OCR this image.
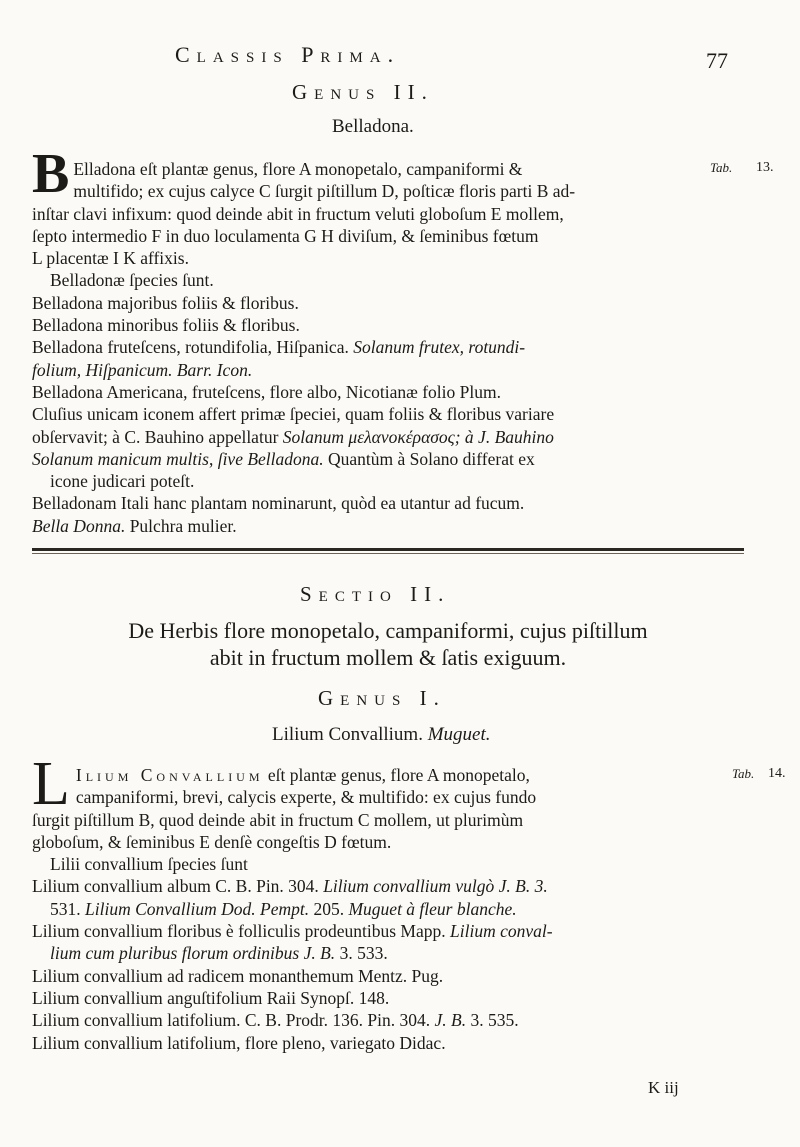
Classis Prima.	77
Genus II.
Belladona.
Tab. 13.
B Elladona eſt plantæ genus, flore A monopetalo, campaniformi &
multifido; ex cujus calyce C ſurgit piſtillum D, poſticæ floris parti B ad-
inſtar clavi infixum: quod deinde abit in fructum veluti globoſum E mollem,
ſepto intermedio F in duo loculamenta G H diviſum, & ſeminibus fœtum
L placentæ I K affixis.
Belladonæ ſpecies ſunt.
Belladona majoribus foliis & floribus.
Belladona minoribus foliis & floribus.
Belladona fruteſcens, rotundifolia, Hiſpanica. Solanum frutex, rotundi-
folium, Hiſpanicum. Barr. Icon.
Belladona Americana, fruteſcens, flore albo, Nicotianæ folio Plum.
Cluſius unicam iconem affert primæ ſpeciei, quam foliis & floribus variare
obſervavit; à C. Bauhino appellatur Solanum μελανοκέρασος; à J. Bauhino
Solanum manicum multis, ſive Belladona. Quantùm à Solano differat ex
icone judicari poteſt.
Belladonam Itali hanc plantam nominarunt, quòd ea utantur ad fucum.
Bella Donna. Pulchra mulier.
Sectio II.
De Herbis flore monopetalo, campaniformi, cujus piſtillum
abit in fructum mollem & ſatis exiguum.
Genus I.
Lilium Convallium. Muguet.
Tab. 14.
L Ilium Convallium eſt plantæ genus, flore A monopetalo,
campaniformi, brevi, calycis experte, & multifido: ex cujus fundo
ſurgit piſtillum B, quod deinde abit in fructum C mollem, ut plurimùm
globoſum, & ſeminibus E denſè congeſtis D fœtum.
Lilii convallium ſpecies ſunt
Lilium convallium album C. B. Pin. 304. Lilium convallium vulgò J. B. 3.
531. Lilium Convallium Dod. Pempt. 205. Muguet à fleur blanche.
Lilium convallium floribus è folliculis prodeuntibus Mapp. Lilium conval-
lium cum pluribus florum ordinibus J. B. 3. 533.
Lilium convallium ad radicem monanthemum Mentz. Pug.
Lilium convallium anguſtifolium Raii Synopſ. 148.
Lilium convallium latifolium. C. B. Prodr. 136. Pin. 304. J. B. 3. 535.
Lilium convallium latifolium, flore pleno, variegato Didac.
K iij
